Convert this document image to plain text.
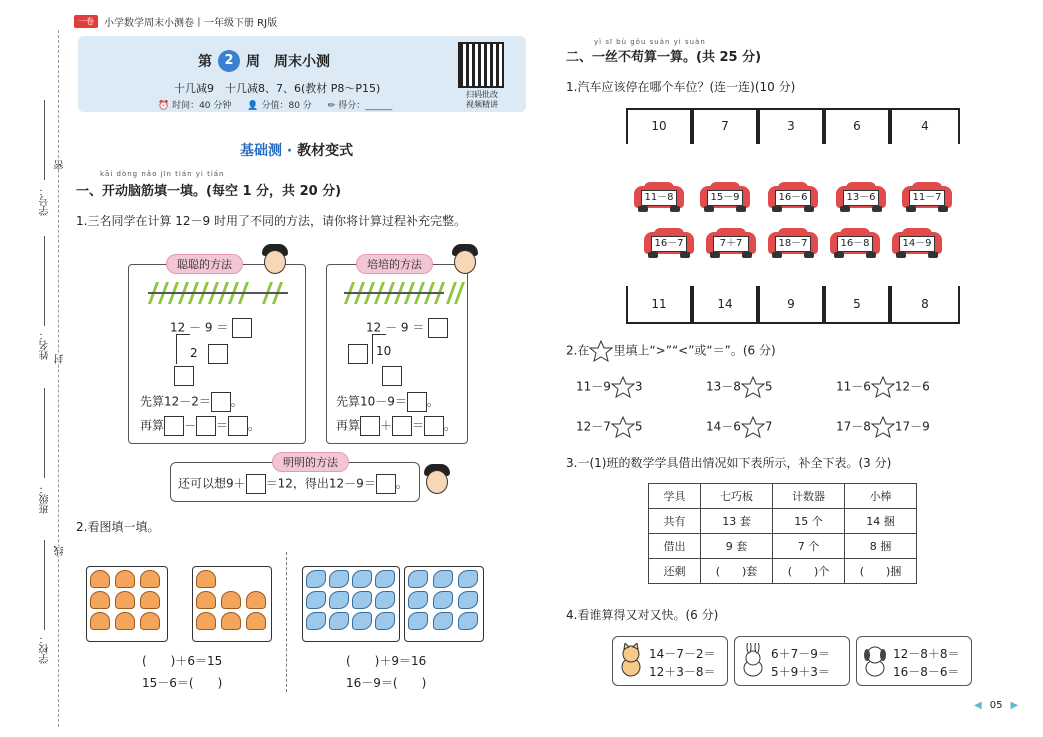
一卷	小学数学周末小测卷丨一年级下册 RJ版
学号：
姓名：
班级：
学校：
密
封
线
第 2 周　周末小测
十几减9　十几减8、7、6(教材 P8～P15)
⏰ 时间：40 分钟 👤 分值：80 分 ✏ 得分：______
扫码批改
视频精讲
基础测 · 教材变式
kāi dòng nǎo jīn tián yi tián
一、开动脑筋填一填。(每空 1 分，共 20 分)
1.三名同学在计算 12－9 时用了不同的方法，请你将计算过程补充完整。
聪聪的方法
12 － 9 ＝
2
先算12－2＝ 。
再算 － ＝ 。
培培的方法
12 － 9 ＝
10
先算10－9＝ 。
再算 ＋ ＝ 。
明明的方法
还可以想9＋ ＝12，得出12－9＝ 。
2.看图填一填。
(　　)＋6＝15
15－6＝(　　)
(　　)＋9＝16
16－9＝(　　)
yì sī bù gǒu suàn yi suàn
二、一丝不苟算一算。(共 25 分)
1.汽车应该停在哪个车位？(连一连)(10 分)
10	7	3	6	4
11－8	15－9	16－6	13－6	11－7
16－7	7＋7	18－7	16－8	14－9
11	14	9	5	8
2.在 里填上“>”“<”或“＝”。(6 分)
11－9 3	13－8 5	11－6 12－6
12－7 5	14－6 7	17－8 17－9
3.一(1)班的数学学具借出情况如下表所示，补全下表。(3 分)
学具	七巧板	计数器	小棒
共有	13 套	15 个	14 捆
借出	9 套	7 个	8 捆
还剩	(　　)套	(　　)个	(　　)捆
4.看谁算得又对又快。(6 分)
14－7－2＝
12＋3－8＝
6＋7－9＝
5＋9＋3＝
12－8＋8＝
16－8－6＝
◀ 05 ▶
